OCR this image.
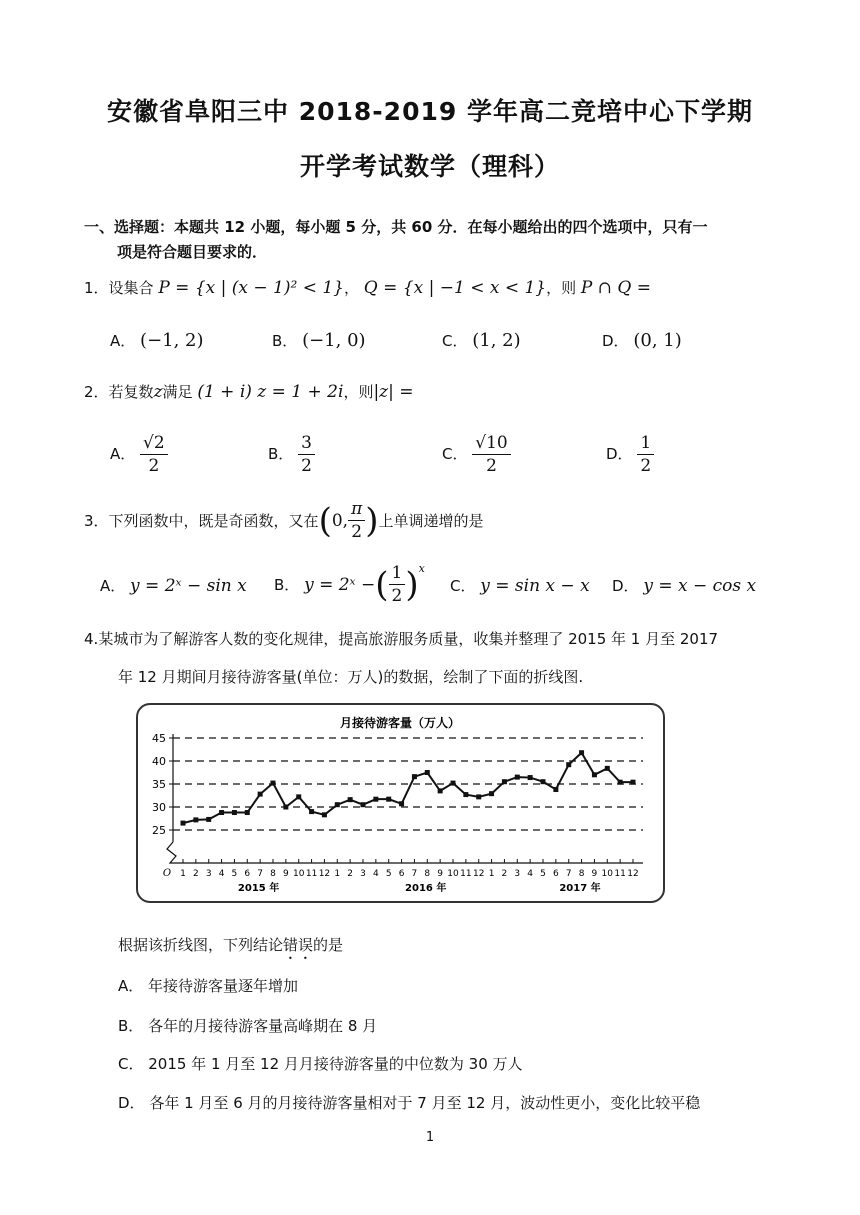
安徽省阜阳三中 2018-2019 学年高二竞培中心下学期
开学考试数学（理科）
一、选择题：本题共 12 小题，每小题 5 分，共 60 分．在每小题给出的四个选项中，只有一
项是符合题目要求的．
1．设集合 P = {x | (x − 1)² < 1}， Q = {x | −1 < x < 1}，则 P ∩ Q =
A． (−1, 2)	B． (−1, 0)	C． (1, 2)	D． (0, 1)
2．若复数z满足 (1 + i) z = 1 + 2i，则|z| =
A． $\frac{√2}{2}$	B． $\frac{3}{2}$	C． $\frac{√10}{2}$	D． $\frac{1}{2}$
3． 下列函数中，既是奇函数，又在 ( 0, $\frac{\pi}{2}$ ) 上单调递增的是
A． y = 2ˣ − sin x B．
y = 2ˣ − ( $\frac{1}{2} )^x$
C． y = sin x − x D． y = x − cos x
4.某城市为了解游客人数的变化规律，提高旅游服务质量，收集并整理了 2015 年 1 月至 2017
年 12 月期间月接待游客量(单位：万人)的数据，绘制了下面的折线图.
月接待游客量（万人）
O
25
30
35
40
45
1 2 3 4 5 6 7 8 9 10 11 12 1 2 3 4 5 6 7 8 9 10 11 12 1 2 3 4 5 6 7 8 9 10 11 12
2015 年	2016 年	2017 年
根据该折线图，下列结论错误的是
A． 年接待游客量逐年增加
B． 各年的月接待游客量高峰期在 8 月
C． 2015 年 1 月至 12 月月接待游客量的中位数为 30 万人
D． 各年 1 月至 6 月的月接待游客量相对于 7 月至 12 月，波动性更小，变化比较平稳
1
